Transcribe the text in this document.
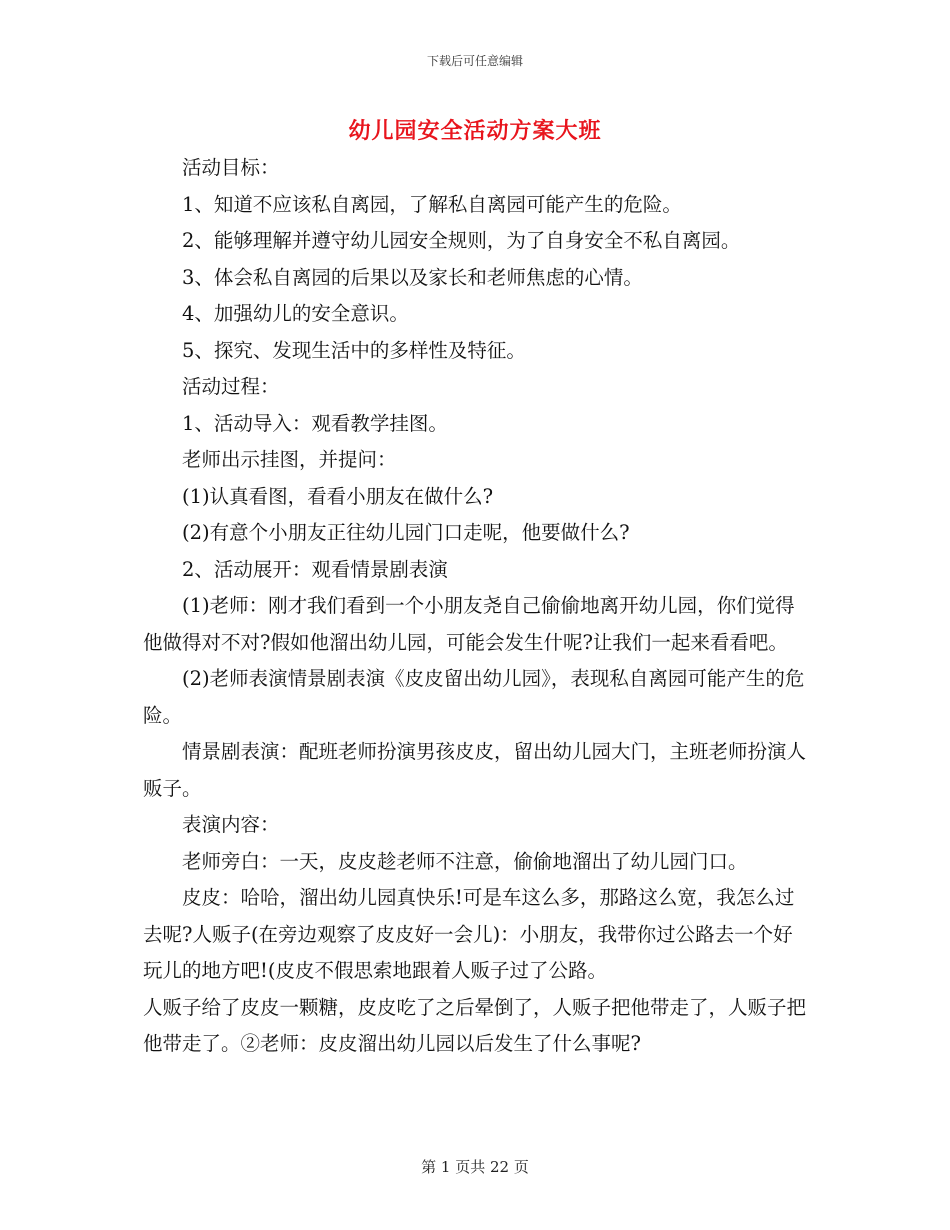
下载后可任意编辑
幼儿园安全活动方案大班

活动目标：

1、知道不应该私自离园，了解私自离园可能产生的危险。

2、能够理解并遵守幼儿园安全规则，为了自身安全不私自离园。

3、体会私自离园的后果以及家长和老师焦虑的心情。

4、加强幼儿的安全意识。

5、探究、发现生活中的多样性及特征。

活动过程：

1、活动导入：观看教学挂图。

老师出示挂图，并提问：

(1)认真看图，看看小朋友在做什么?

(2)有意个小朋友正往幼儿园门口走呢，他要做什么?

2、活动展开：观看情景剧表演

(1)老师：刚才我们看到一个小朋友尧自己偷偷地离开幼儿园，你们觉得他做得对不对?假如他溜出幼儿园，可能会发生什呢?让我们一起来看看吧。

(2)老师表演情景剧表演《皮皮留出幼儿园》，表现私自离园可能产生的危险。

情景剧表演：配班老师扮演男孩皮皮，留出幼儿园大门，主班老师扮演人贩子。

表演内容：

老师旁白：一天，皮皮趁老师不注意，偷偷地溜出了幼儿园门口。

皮皮：哈哈，溜出幼儿园真快乐!可是车这么多，那路这么宽，我怎么过去呢?人贩子(在旁边观察了皮皮好一会儿)：小朋友，我带你过公路去一个好玩儿的地方吧!(皮皮不假思索地跟着人贩子过了公路。

人贩子给了皮皮一颗糖，皮皮吃了之后晕倒了，人贩子把他带走了，人贩子把他带走了。②老师：皮皮溜出幼儿园以后发生了什么事呢?

第 1 页共 22 页
